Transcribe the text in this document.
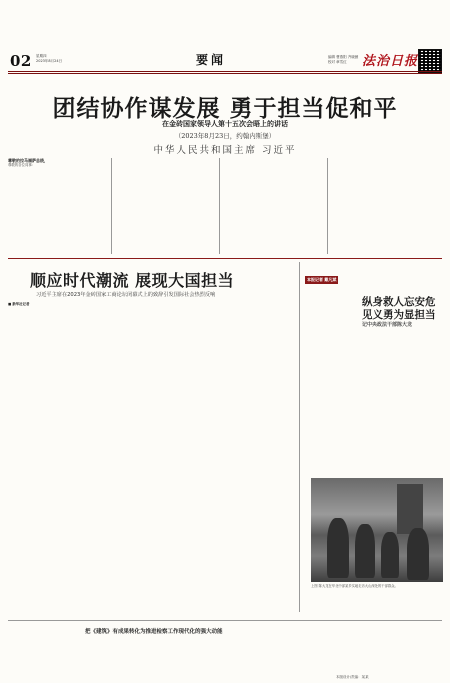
02 星期四
2023年8月24日	要闻	编辑 曹燕阳 齐晓薇
校对 章雪红	法治日报
团结协作谋发展 勇于担当促和平
在金砖国家领导人第十五次会晤上的讲话
（2023年8月23日，约翰内斯堡）
中华人民共和国主席 习近平
尊敬的拉马福萨总统，
尊敬的各位同事：
顺应时代潮流 展现大国担当
习近平主席在2023年金砖国家工商论坛闭幕式上的致辞引发国际社会热烈反响
■ 新华社记者
本报记者 戴凡斌
纵身救人忘安危
见义勇为显担当
记中央政法干部陈大龙
上图 陈大龙在华北中部某乡实地走访大山深处的干部群众。
把《建筑》有成果转化为推进检察工作现代化的强大动能
本版设计/责编：某某
